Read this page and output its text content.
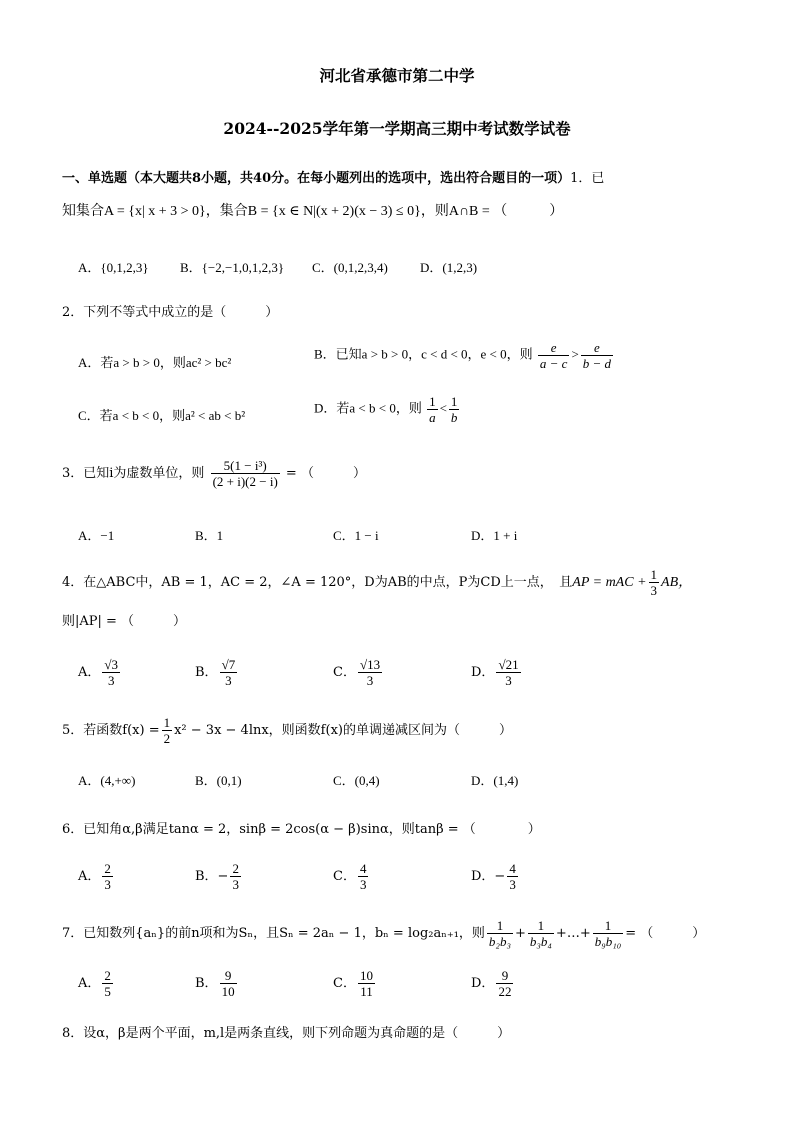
河北省承德市第二中学
2024--2025学年第一学期高三期中考试数学试卷
一、单选题（本大题共8小题，共40分。在每小题列出的选项中，选出符合题目的一项）1．已
知集合A = {x| x + 3 > 0}，集合B = {x ∈ N|(x + 2)(x − 3) ≤ 0}，则A∩B = （　　　）
A．{0,1,2,3} B．{−2,−1,0,1,2,3} C．(0,1,2,3,4) D．(1,2,3)
2．下列不等式中成立的是（　　　）
A．若a > b > 0，则ac² > bc²
B．已知a > b > 0，c < d < 0，e < 0，则 $\frac{e}{a - c} > \frac{e}{b - d}$
C．若a < b < 0，则a² < ab < b²
D．若a < b < 0，则 $\frac{1}{a} < \frac{1}{b}$
3．已知i为虚数单位，则 $\frac{\text{5(1 − i³)}}{(2 + i)(2 - i)}$ = （　　　）
A．−1	B．1	C．1 − i	D．1 + i
4．在△ABC中，AB = 1，AC = 2，∠A = 120°，D为AB的中点，P为CD上一点，　且AP = mAC + $\frac{1}{3}$ AB，
则|AP| = （　　　）
A． $\frac{√3}{3}$	B． $\frac{√7}{3}$	C． $\frac{√13}{3}$	D． $\frac{√21}{3}$
5．若函数$f(x) = \frac{1}{2} x^2 - 3x - 4\ln x$，则函数f(x)的单调递减区间为（　　　）
A．(4,+∞)	B．(0,1)	C．(0,4)	D．(1,4)
6．已知角α,β满足tanα = 2，sinβ = 2cos(α − β)sinα，则tanβ = （　　　　）
A． $\frac{2}{3}$	B．− $\frac{2}{3}$	C． $\frac{4}{3}$	D．− $\frac{4}{3}$
7．已知数列{aₙ}的前n项和为Sₙ，且Sₙ = 2aₙ − 1，bₙ = log₂aₙ₊₁，则 $\frac{1}{\text{b₂b₃}} + \frac{1}{\text{b₃b₄}}$ +…+ $\frac{1}{\text{b₉b₁₀}}$ = （　　　）
A． $\frac{2}{5}$	B． $\frac{9}{10}$	C． $\frac{10}{11}$	D． $\frac{9}{22}$
8．设α，β是两个平面，m,l是两条直线，则下列命题为真命题的是（　　　）
